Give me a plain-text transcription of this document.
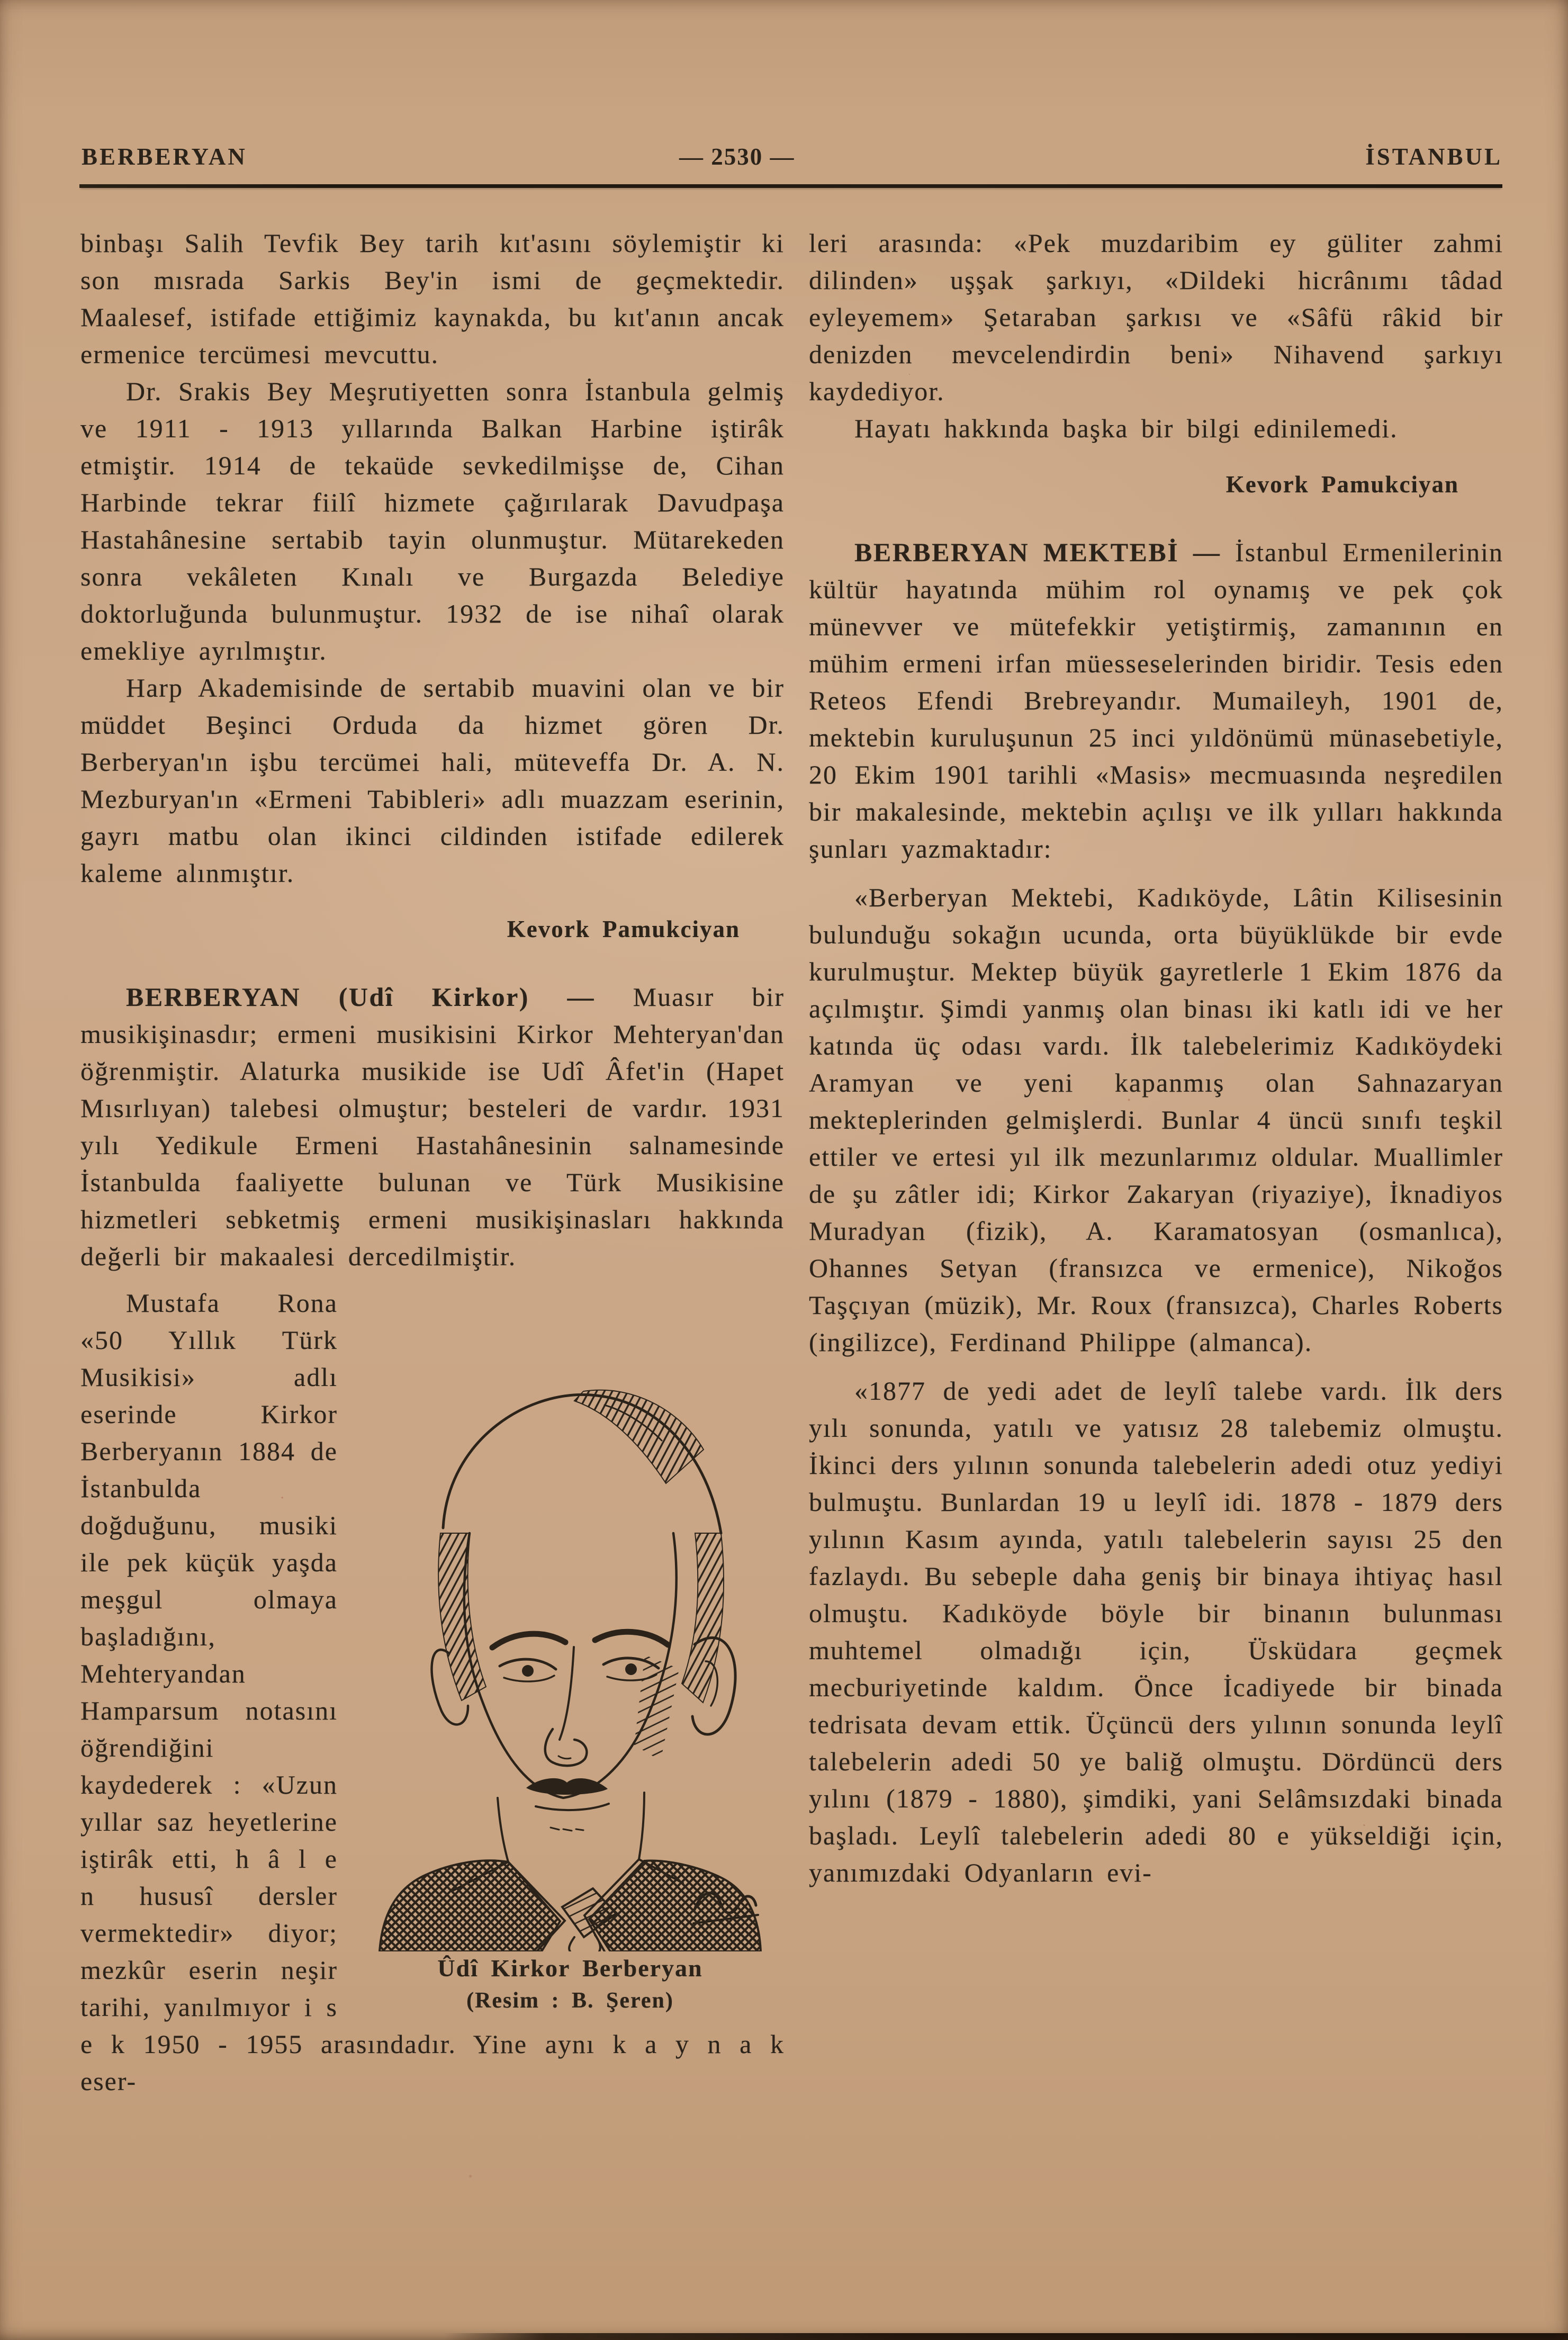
BERBERYAN	— 2530 —	İSTANBUL

binbaşı Salih Tevfik Bey tarih kıt'asını söylemiştir ki son mısrada Sarkis Bey'in ismi de geçmektedir. Maalesef, istifade ettiğimiz kaynakda, bu kıt'anın ancak ermenice tercümesi mevcuttu.

Dr. Srakis Bey Meşrutiyetten sonra İstanbula gelmiş ve 1911 - 1913 yıllarında Balkan Harbine iştirâk etmiştir. 1914 de tekaüde sevkedilmişse de, Cihan Harbinde tekrar fiilî hizmete çağırılarak Davudpaşa Hastahânesine sertabib tayin olunmuştur. Mütarekeden sonra vekâleten Kınalı ve Burgazda Belediye doktorluğunda bulunmuştur. 1932 de ise nihaî olarak emekliye ayrılmıştır.

Harp Akademisinde de sertabib muavini olan ve bir müddet Beşinci Orduda da hizmet gören Dr. Berberyan'ın işbu tercümei hali, müteveffa Dr. A. N. Mezburyan'ın «Ermeni Tabibleri» adlı muazzam eserinin, gayrı matbu olan ikinci cildinden istifade edilerek kaleme alınmıştır.

Kevork Pamukciyan

BERBERYAN (Udî Kirkor) — Muasır bir musikişinasdır; ermeni musikisini Kirkor Mehteryan'dan öğrenmiştir. Alaturka musikide ise Udî Âfet'in (Hapet Mısırlıyan) talebesi olmuştur; besteleri de vardır. 1931 yılı Yedikule Ermeni Hastahânesinin salnamesinde İstanbulda faaliyette bulunan ve Türk Musikisine hizmetleri sebketmiş ermeni musikişinasları hakkında değerli bir makaalesi dercedilmiştir.

Ûdî Kirkor Berberyan
(Resim : B. Şeren)
Mustafa Rona «50 Yıllık Türk Musikisi» adlı eserinde Kirkor Berberyanın 1884 de İstanbulda doğduğunu, musiki ile pek küçük yaşda meşgul olmaya başladığını, Mehteryandan Hamparsum notasını öğrendiğini kaydederek : «Uzun yıllar saz heyetlerine iştirâk etti, h â l e n hususî dersler vermektedir» diyor; mezkûr eserin neşir tarihi, yanılmıyor i s e k 1950 - 1955 arasındadır. Yine aynı k a y n a k eser-

leri arasında: «Pek muzdaribim ey güliter zahmi dilinden» uşşak şarkıyı, «Dildeki hicrânımı tâdad eyleyemem» Şetaraban şarkısı ve «Sâfü râkid bir denizden mevcelendirdin beni» Nihavend şarkıyı kaydediyor.

Hayatı hakkında başka bir bilgi edinilemedi.

Kevork Pamukciyan

BERBERYAN MEKTEBİ — İstanbul Ermenilerinin kültür hayatında mühim rol oynamış ve pek çok münevver ve mütefekkir yetiştirmiş, zamanının en mühim ermeni irfan müesseselerinden biridir. Tesis eden Reteos Efendi Brebreyandır. Mumaileyh, 1901 de, mektebin kuruluşunun 25 inci yıldönümü münasebetiyle, 20 Ekim 1901 tarihli «Masis» mecmuasında neşredilen bir makalesinde, mektebin açılışı ve ilk yılları hakkında şunları yazmaktadır:

«Berberyan Mektebi, Kadıköyde, Lâtin Kilisesinin bulunduğu sokağın ucunda, orta büyüklükde bir evde kurulmuştur. Mektep büyük gayretlerle 1 Ekim 1876 da açılmıştır. Şimdi yanmış olan binası iki katlı idi ve her katında üç odası vardı. İlk talebelerimiz Kadıköydeki Aramyan ve yeni kapanmış olan Sahnazaryan mekteplerinden gelmişlerdi. Bunlar 4 üncü sınıfı teşkil ettiler ve ertesi yıl ilk mezunlarımız oldular. Muallimler de şu zâtler idi; Kirkor Zakaryan (riyaziye), İknadiyos Muradyan (fizik), A. Karamatosyan (osmanlıca), Ohannes Setyan (fransızca ve ermenice), Nikoğos Taşçıyan (müzik), Mr. Roux (fransızca), Charles Roberts (ingilizce), Ferdinand Philippe (almanca).

«1877 de yedi adet de leylî talebe vardı. İlk ders yılı sonunda, yatılı ve yatısız 28 talebemiz olmuştu. İkinci ders yılının sonunda talebelerin adedi otuz yediyi bulmuştu. Bunlardan 19 u leylî idi. 1878 - 1879 ders yılının Kasım ayında, yatılı talebelerin sayısı 25 den fazlaydı. Bu sebeple daha geniş bir binaya ihtiyaç hasıl olmuştu. Kadıköyde böyle bir binanın bulunması muhtemel olmadığı için, Üsküdara geçmek mecburiyetinde kaldım. Önce İcadiyede bir binada tedrisata devam ettik. Üçüncü ders yılının sonunda leylî talebelerin adedi 50 ye baliğ olmuştu. Dördüncü ders yılını (1879 - 1880), şimdiki, yani Selâmsızdaki binada başladı. Leylî talebelerin adedi 80 e yükseldiği için, yanımızdaki Odyanların evi-
